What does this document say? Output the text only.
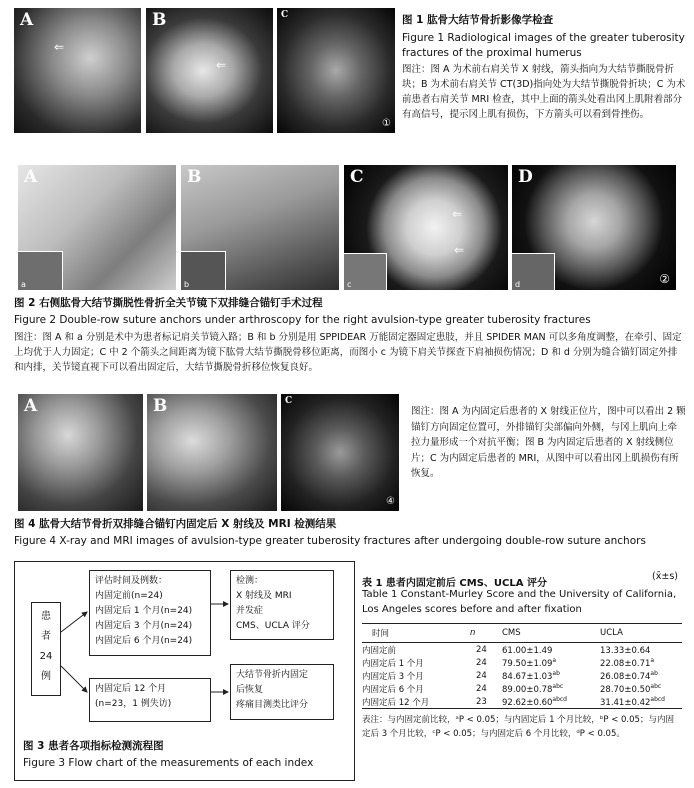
A
⇐
B
⇐
C
①
图 1 肱骨大结节骨折影像学检查
Figure 1 Radiological images of the greater tuberosity
fractures of the proximal humerus
图注：图 A 为术前右肩关节 X 射线，箭头指向为大结节撕脱骨折块；B 为术前右肩关节 CT(3D)指向处为大结节撕脱骨折块；C 为术前患者右肩关节 MRI 检查，其中上面的箭头处看出冈上肌附着部分有高信号，提示冈上肌有损伤，下方箭头可以看到骨挫伤。
A
a
B
b
C
⇐
⇐
c
D
②
d
图 2 右侧肱骨大结节撕脱性骨折全关节镜下双排缝合锚钉手术过程
Figure 2 Double-row suture anchors under arthroscopy for the right avulsion-type greater tuberosity fractures
图注：图 A 和 a 分别是术中为患者标记肩关节镜入路；B 和 b 分别是用 SPPIDEAR 万能固定器固定患肢，并且 SPIDER MAN 可以多角度调整，在牵引、固定上均优于人力固定；C 中 2 个箭头之间距离为镜下肱骨大结节撕脱骨移位距离，而图小 c 为镜下肩关节探查下肩袖损伤情况；D 和 d 分别为缝合锚钉固定外排和内排，关节镜直视下可以看出固定后，大结节撕脱骨折移位恢复良好。
A	B	C
④
图注：图 A 为内固定后患者的 X 射线正位片，图中可以看出 2 颗锚钉方向固定位置可，外排锚钉尖部偏向外侧，与冈上肌向上牵拉力量形成一个对抗平衡；图 B 为内固定后患者的 X 射线侧位片；C 为内固定后患者的 MRI，从图中可以看出冈上肌损伤有所恢复。
图 4 肱骨大结节骨折双排缝合锚钉内固定后 X 射线及 MRI 检测结果
Figure 4 X-ray and MRI images of avulsion-type greater tuberosity fractures after undergoing double-row suture anchors
患
者
24
例
评估时间及例数：
内固定前(n=24)
内固定后 1 个月(n=24)
内固定后 3 个月(n=24)
内固定后 6 个月(n=24)
检测：
X 射线及 MRI
并发症
CMS、UCLA 评分
内固定后 12 个月
(n=23，1 例失访)
大结节骨折内固定
后恢复
疼痛目测类比评分
图 3 患者各项指标检测流程图
Figure 3 Flow chart of the measurements of each index
表 1 患者内固定前后 CMS、UCLA 评分
(x̄±s)
Table 1 Constant-Murley Score and the University of California,
Los Angeles scores before and after fixation
时间	n	CMS	UCLA
内固定前	24	61.00±1.49	13.33±0.64
内固定后 1 个月	24	79.50±1.09$^a$	22.08±0.71$^a$
内固定后 3 个月	24	84.67±1.03$^{ab}$	26.08±0.74$^{ab}$
内固定后 6 个月	24	89.00±0.78$^{abc}$	28.70±0.50$^{abc}$
内固定后 12 个月	23	$92.62\pm 0.60^{abcd}$	$31.41\pm 0.42^{abcd}$
表注：与内固定前比较，ᵃP < 0.05；与内固定后 1 个月比较，ᵇP < 0.05；与内固定后 3 个月比较，ᶜP < 0.05；与内固定后 6 个月比较，ᵈP < 0.05。
